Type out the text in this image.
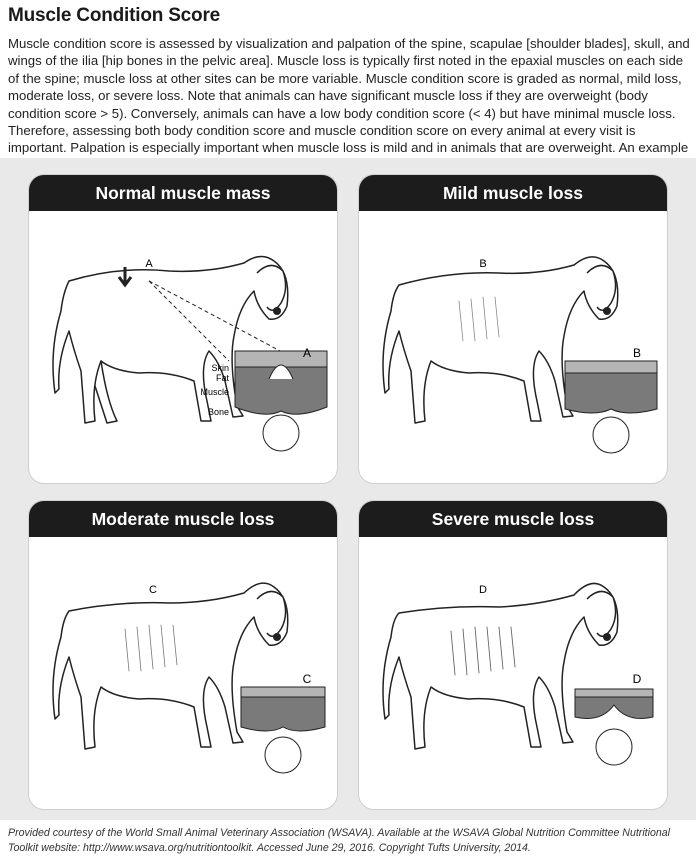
Muscle Condition Score

Muscle condition score is assessed by visualization and palpation of the spine, scapulae [shoulder blades], skull, and wings of the ilia [hip bones in the pelvic area]. Muscle loss is typically first noted in the epaxial muscles on each side of the spine; muscle loss at other sites can be more variable. Muscle condition score is graded as normal, mild loss, moderate loss, or severe loss. Note that animals can have significant muscle loss if they are overweight (body condition score > 5). Conversely, animals can have a low body condition score (< 4) but have minimal muscle loss. Therefore, assessing both body condition score and muscle condition score on every animal at every visit is important. Palpation is especially important when muscle loss is mild and in animals that are overweight. An example

Normal muscle mass
Skin
Fat
Muscle
Bone
A
A
Mild muscle loss
B
B
Moderate muscle loss
C
C
Severe muscle loss
D
D

Provided courtesy of the World Small Animal Veterinary Association (WSAVA). Available at the WSAVA Global Nutrition Committee Nutritional Toolkit website: http://www.wsava.org/nutritiontoolkit. Accessed June 29, 2016. Copyright Tufts University, 2014.
